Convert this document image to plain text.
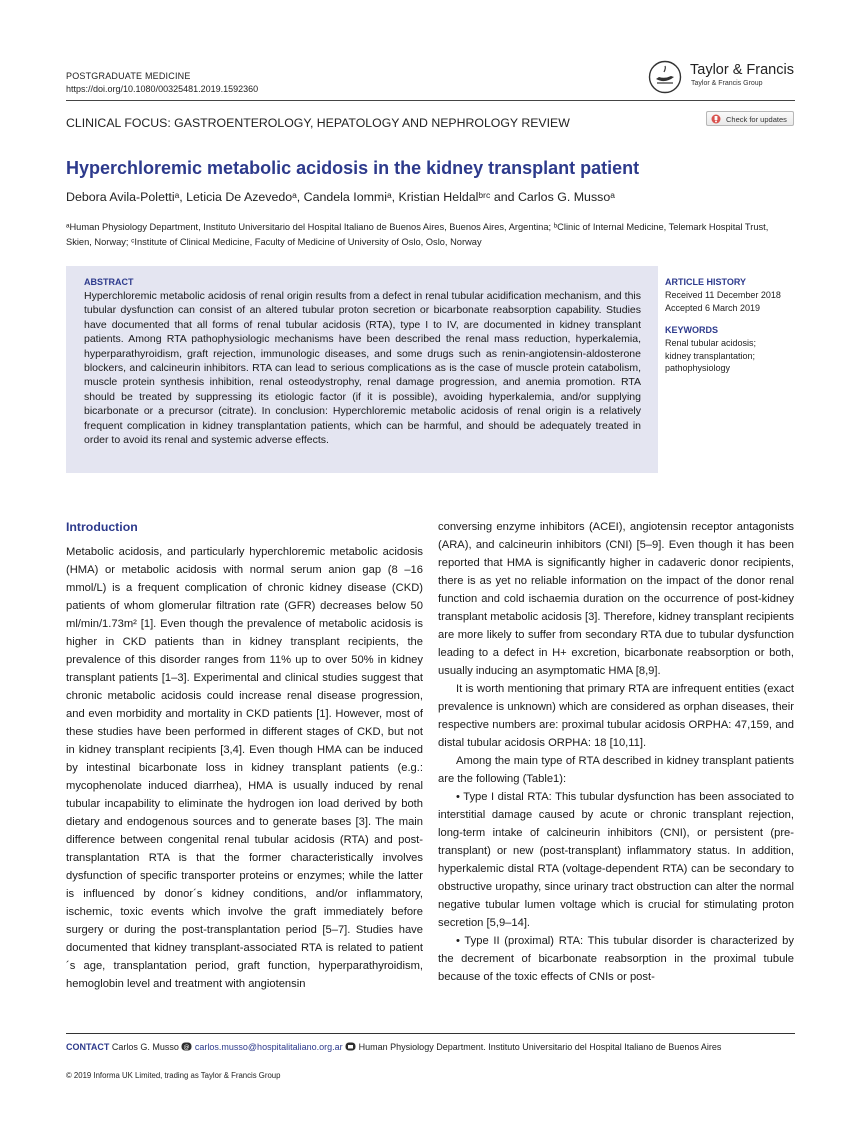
POSTGRADUATE MEDICINE
https://doi.org/10.1080/00325481.2019.1592360
Taylor & Francis
Taylor & Francis Group
CLINICAL FOCUS: GASTROENTEROLOGY, HEPATOLOGY AND NEPHROLOGY REVIEW	Check for updates
Hyperchloremic metabolic acidosis in the kidney transplant patient
Debora Avila-Polettiᵃ, Leticia De Azevedoᵃ, Candela Iommiᵃ, Kristian Heldalᵇʳᶜ and Carlos G. Mussoᵃ
ᵃHuman Physiology Department, Instituto Universitario del Hospital Italiano de Buenos Aires, Buenos Aires, Argentina; ᵇClinic of Internal Medicine, Telemark Hospital Trust, Skien, Norway; ᶜInstitute of Clinical Medicine, Faculty of Medicine of University of Oslo, Oslo, Norway
ABSTRACT
Hyperchloremic metabolic acidosis of renal origin results from a defect in renal tubular acidification mechanism, and this tubular dysfunction can consist of an altered tubular proton secretion or bicarbonate reabsorption capability. Studies have documented that all forms of renal tubular acidosis (RTA), type I to IV, are documented in kidney transplant patients. Among RTA pathophysiologic mechanisms have been described the renal mass reduction, hyperkalemia, hyperparathyroidism, graft rejection, immunologic diseases, and some drugs such as renin-angiotensin-aldosterone blockers, and calcineurin inhibitors. RTA can lead to serious complications as is the case of muscle protein catabolism, muscle protein synthesis inhibition, renal osteodystrophy, renal damage progression, and anemia promotion. RTA should be treated by suppressing its etiologic factor (if it is possible), avoiding hyperkalemia, and/or supplying bicarbonate or a precursor (citrate). In conclusion: Hyperchloremic metabolic acidosis of renal origin is a relatively frequent complication in kidney transplantation patients, which can be harmful, and should be adequately treated in order to avoid its renal and systemic adverse effects.
ARTICLE HISTORY
Received 11 December 2018
Accepted 6 March 2019
KEYWORDS
Renal tubular acidosis;
kidney transplantation;
pathophysiology
Introduction

Metabolic acidosis, and particularly hyperchloremic metabolic acidosis (HMA) or metabolic acidosis with normal serum anion gap (8 –16 mmol/L) is a frequent complication of chronic kidney disease (CKD) patients of whom glomerular filtration rate (GFR) decreases below 50 ml/min/1.73m² [1]. Even though the prevalence of metabolic acidosis is higher in CKD patients than in kidney transplant recipients, the prevalence of this disorder ranges from 11% up to over 50% in kidney transplant patients [1–3]. Experimental and clinical studies suggest that chronic metabolic acidosis could increase renal disease progression, and even morbidity and mortality in CKD patients [1]. However, most of these studies have been performed in different stages of CKD, but not in kidney transplant recipients [3,4]. Even though HMA can be induced by intestinal bicarbonate loss in kidney transplant patients (e.g.: mycophenolate induced diarrhea), HMA is usually induced by renal tubular incapability to eliminate the hydrogen ion load derived by both dietary and endogenous sources and to generate bases [3]. The main difference between congenital renal tubular acidosis (RTA) and post-transplantation RTA is that the former characteristically involves dysfunction of specific transporter proteins or enzymes; while the latter is influenced by donor´s kidney conditions, and/or inflammatory, ischemic, toxic events which involve the graft immediately before surgery or during the post-transplantation period [5–7]. Studies have documented that kidney transplant-associated RTA is related to patient´s age, transplantation period, graft function, hyperparathyroidism, hemoglobin level and treatment with angiotensin

conversing enzyme inhibitors (ACEI), angiotensin receptor antagonists (ARA), and calcineurin inhibitors (CNI) [5–9]. Even though it has been reported that HMA is significantly higher in cadaveric donor recipients, there is as yet no reliable information on the impact of the donor renal function and cold ischaemia duration on the occurrence of post-kidney transplant metabolic acidosis [3]. Therefore, kidney transplant recipients are more likely to suffer from secondary RTA due to tubular dysfunction leading to a defect in H+ excretion, bicarbonate reabsorption or both, usually inducing an asymptomatic HMA [8,9].

It is worth mentioning that primary RTA are infrequent entities (exact prevalence is unknown) which are considered as orphan diseases, their respective numbers are: proximal tubular acidosis ORPHA: 47,159, and distal tubular acidosis ORPHA: 18 [10,11].

Among the main type of RTA described in kidney transplant patients are the following (Table1):

• Type I distal RTA: This tubular dysfunction has been associated to interstitial damage caused by acute or chronic transplant rejection, long-term intake of calcineurin inhibitors (CNI), or persistent (pre-transplant) or new (post-transplant) inflammatory status. In addition, hyperkalemic distal RTA (voltage-dependent RTA) can be secondary to obstructive uropathy, since urinary tract obstruction can alter the normal negative tubular lumen voltage which is crucial for stimulating proton secretion [5,9–14].

• Type II (proximal) RTA: This tubular disorder is characterized by the decrement of bicarbonate reabsorption in the proximal tubule because of the toxic effects of CNIs or post-

CONTACT Carlos G. Musso @ carlos.musso@hospitalitaliano.org.ar Human Physiology Department. Instituto Universitario del Hospital Italiano de Buenos Aires
© 2019 Informa UK Limited, trading as Taylor & Francis Group
